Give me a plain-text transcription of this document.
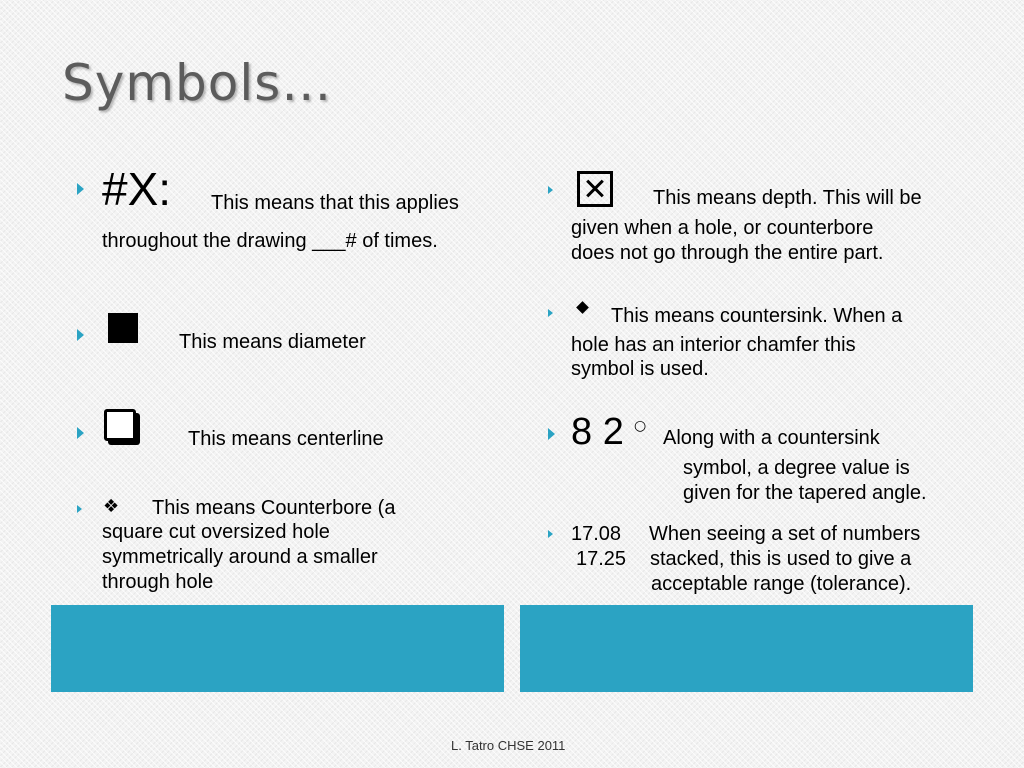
Symbols…
#X: This means that this applies
throughout the drawing ___# of times.
This means diameter
This means centerline
❖ This means Counterbore (a
square cut oversized hole
symmetrically around a smaller
through hole
This means depth. This will be
given when a hole, or counterbore
does not go through the entire part.
This means countersink. When a
hole has an interior chamfer this
symbol is used.
8 2 ○
Along with a countersink
symbol, a degree value is
given for the tapered angle.
17.08 When seeing a set of numbers
17.25 stacked, this is used to give a
acceptable range (tolerance).
L. Tatro CHSE 2011
